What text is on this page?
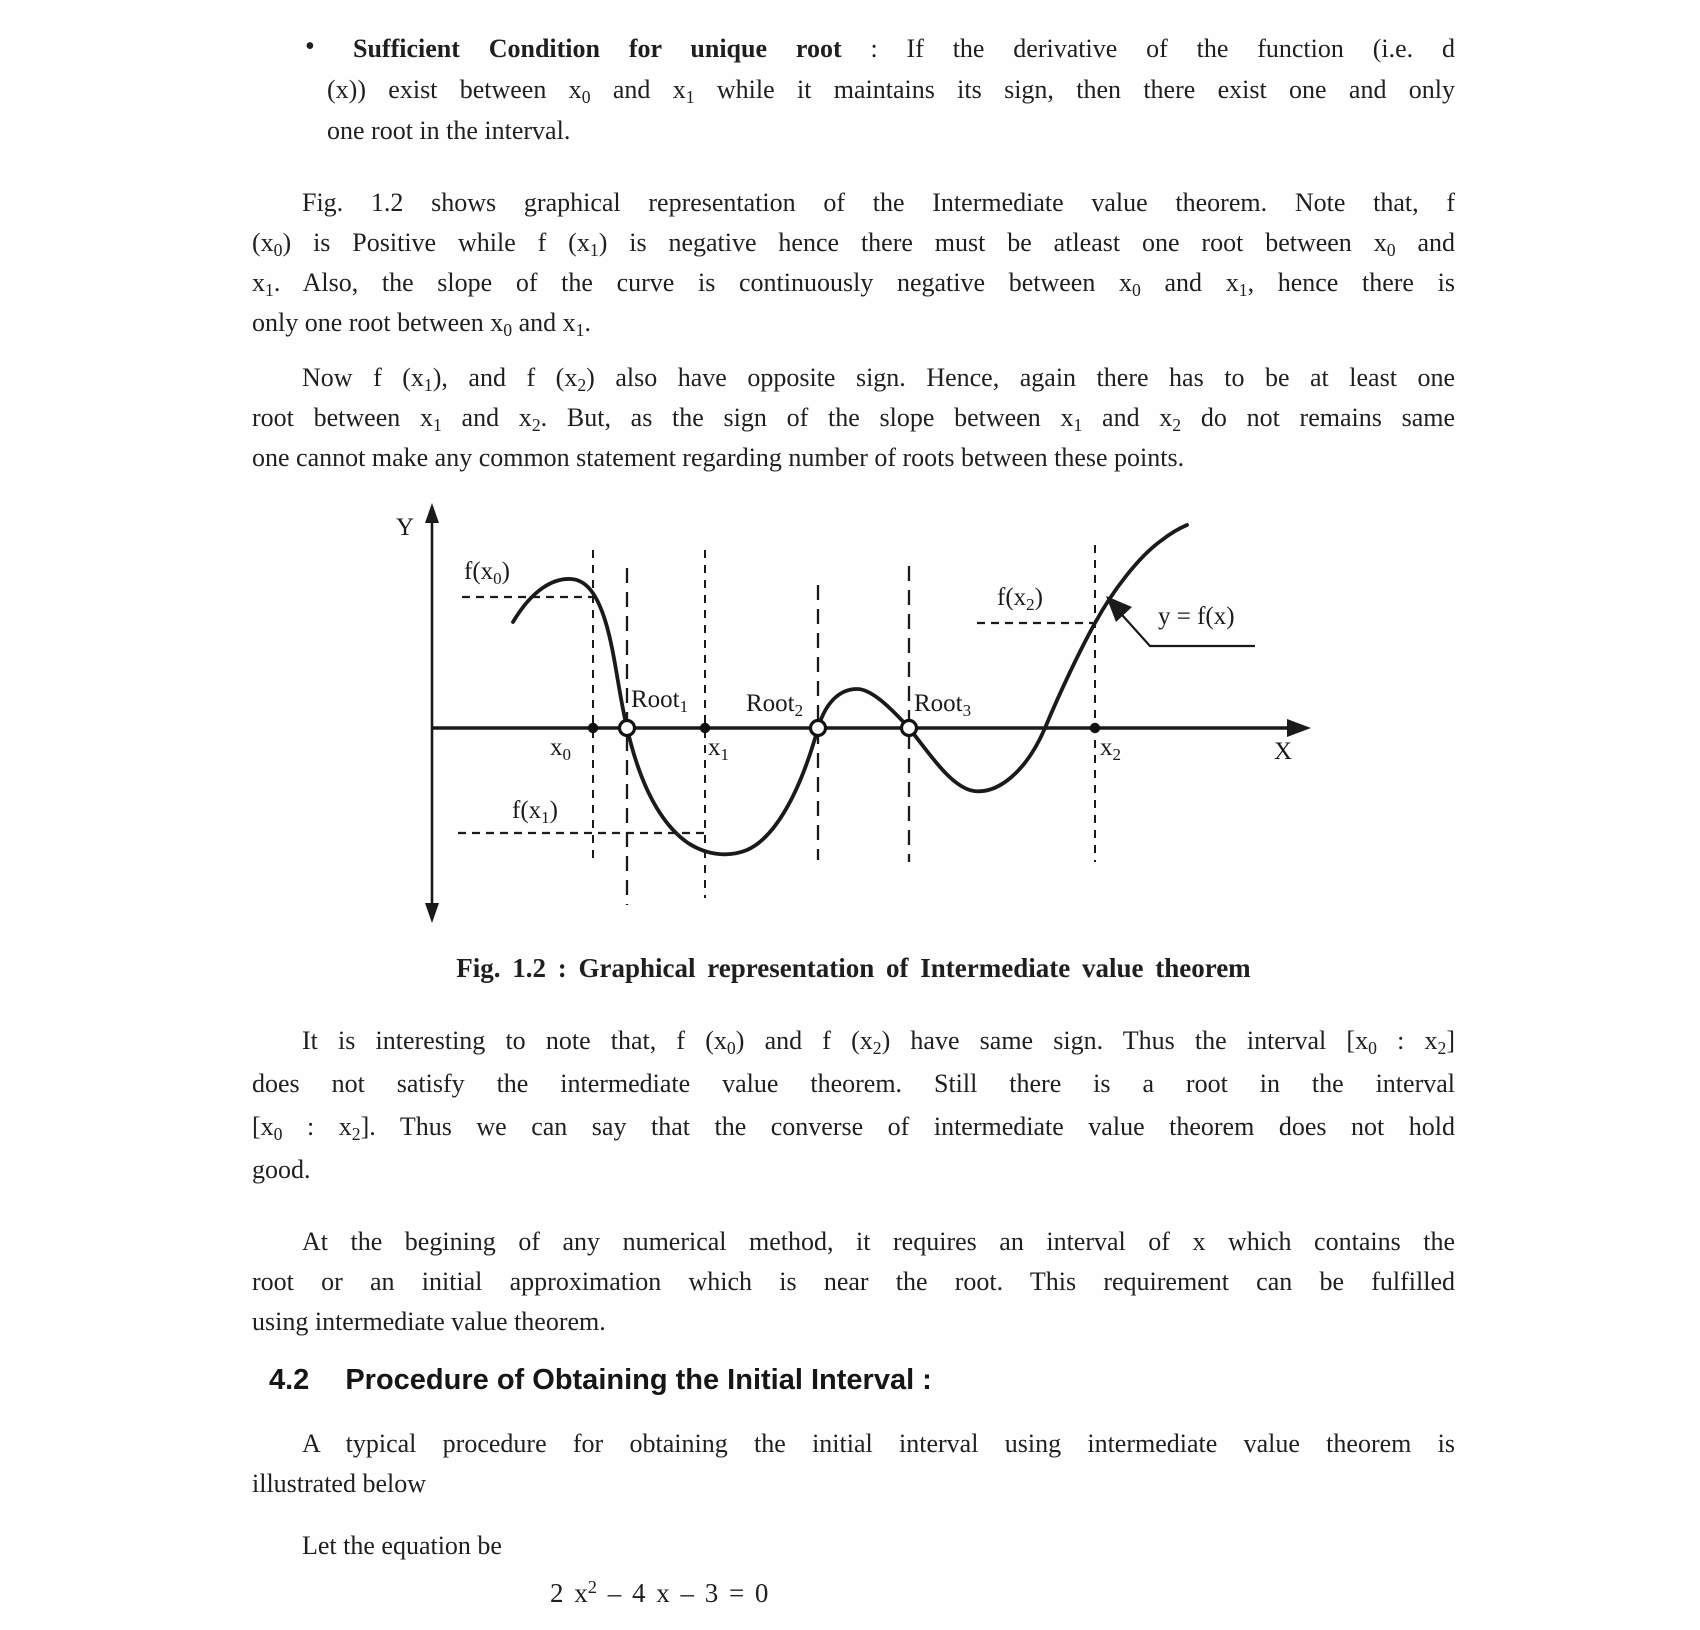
•	Sufficient Condition for unique root : If the derivative of the function (i.e. d
(x)) exist between $x_0$ and $x_1$ while it maintains its sign, then there exist one and only
one root in the interval.
Fig. 1.2 shows graphical representation of the Intermediate value theorem. Note that, f
$(x_0)$ is Positive while f $(x_1)$ is negative hence there must be atleast one root between $x_0$ and
$x_1$. Also, the slope of the curve is continuously negative between $x_0$ and $x_1$, hence there is
only one root between $x_0$ and $x_1$.
Now f $(x_1)$, and f $(x_2)$ also have opposite sign. Hence, again there has to be at least one
root between $x_1$ and $x_2$. But, as the sign of the slope between $x_1$ and $x_2$ do not remains same
one cannot make any common statement regarding number of roots between these points.
Y
X
$f(x_0)$
$f(x_1)$
$f(x_2)$
Root$_1$ Root$_2$	Root$_3$
$x_0$	$x_1$	$x_2$
y = f(x)
Fig. 1.2 : Graphical representation of Intermediate value theorem
It is interesting to note that, f $(x_0)$ and f $(x_2)$ have same sign. Thus the interval [$x_0$ : $x_2$]
does not satisfy the intermediate value theorem. Still there is a root in the interval
[$x_0$ : $x_2$]. Thus we can say that the converse of intermediate value theorem does not hold
good.
At the begining of any numerical method, it requires an interval of x which contains the
root or an initial approximation which is near the root. This requirement can be fulfilled
using intermediate value theorem.
4.2 Procedure of Obtaining the Initial Interval :
A typical procedure for obtaining the initial interval using intermediate value theorem is
illustrated below
Let the equation be
2 $x^2 - 4$ x – 3 = 0
